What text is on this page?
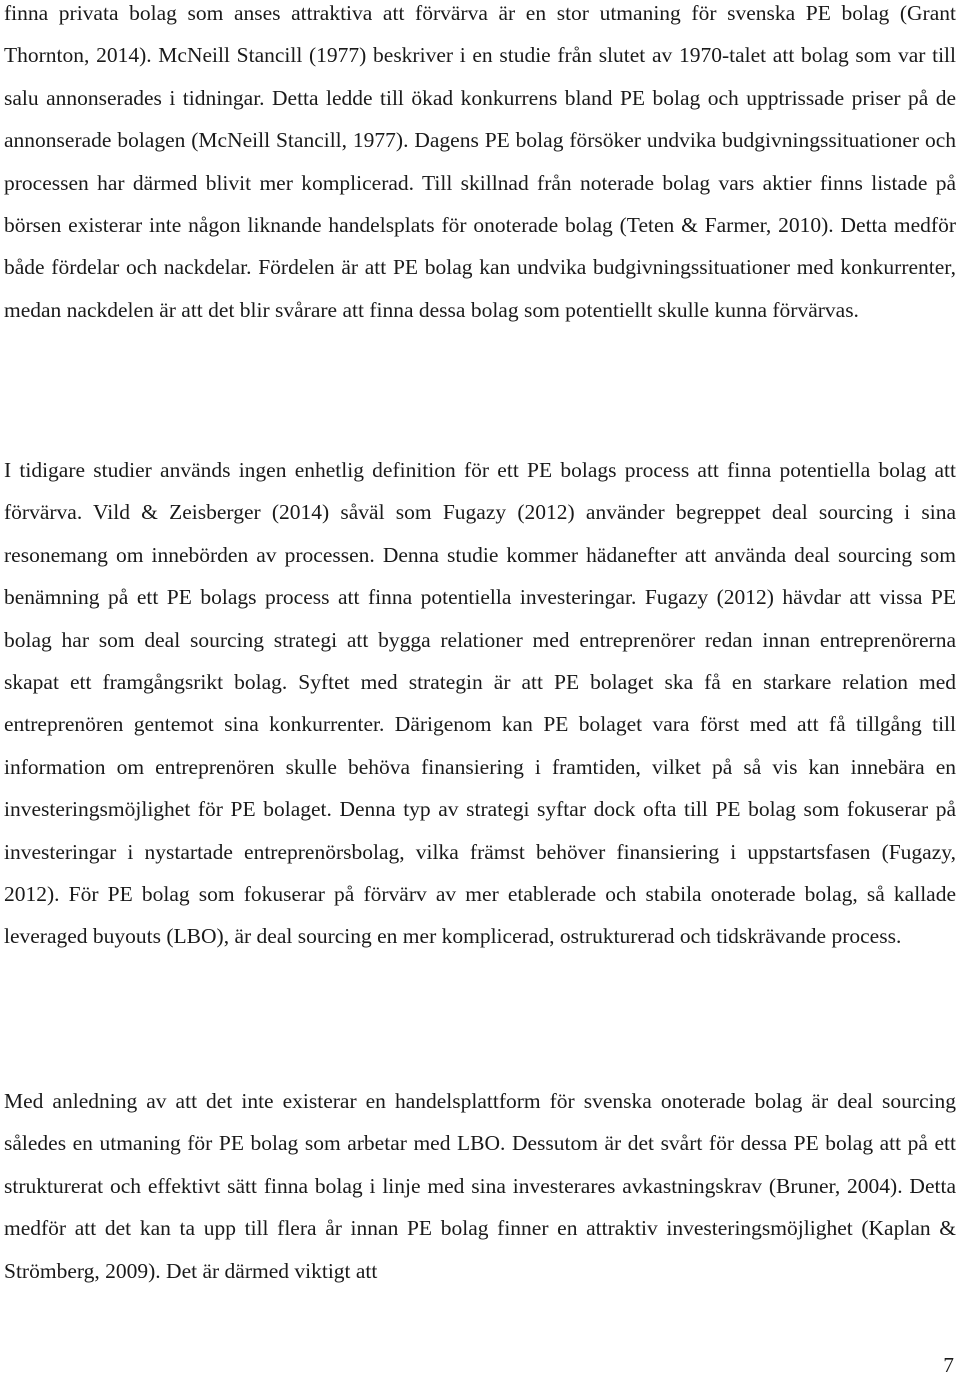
finna privata bolag som anses attraktiva att förvärva är en stor utmaning för svenska PE bolag (Grant Thornton, 2014). McNeill Stancill (1977) beskriver i en studie från slutet av 1970-talet att bolag som var till salu annonserades i tidningar. Detta ledde till ökad konkurrens bland PE bolag och upptrissade priser på de annonserade bolagen (McNeill Stancill, 1977). Dagens PE bolag försöker undvika budgivningssituationer och processen har därmed blivit mer komplicerad. Till skillnad från noterade bolag vars aktier finns listade på börsen existerar inte någon liknande handelsplats för onoterade bolag (Teten & Farmer, 2010). Detta medför både fördelar och nackdelar. Fördelen är att PE bolag kan undvika budgivningssituationer med konkurrenter, medan nackdelen är att det blir svårare att finna dessa bolag som potentiellt skulle kunna förvärvas.

I tidigare studier används ingen enhetlig definition för ett PE bolags process att finna potentiella bolag att förvärva. Vild & Zeisberger (2014) såväl som Fugazy (2012) använder begreppet deal sourcing i sina resonemang om innebörden av processen. Denna studie kommer hädanefter att använda deal sourcing som benämning på ett PE bolags process att finna potentiella investeringar. Fugazy (2012) hävdar att vissa PE bolag har som deal sourcing strategi att bygga relationer med entreprenörer redan innan entreprenörerna skapat ett framgångsrikt bolag. Syftet med strategin är att PE bolaget ska få en starkare relation med entreprenören gentemot sina konkurrenter. Därigenom kan PE bolaget vara först med att få tillgång till information om entreprenören skulle behöva finansiering i framtiden, vilket på så vis kan innebära en investeringsmöjlighet för PE bolaget. Denna typ av strategi syftar dock ofta till PE bolag som fokuserar på investeringar i nystartade entreprenörsbolag, vilka främst behöver finansiering i uppstartsfasen (Fugazy, 2012). För PE bolag som fokuserar på förvärv av mer etablerade och stabila onoterade bolag, så kallade leveraged buyouts (LBO), är deal sourcing en mer komplicerad, ostrukturerad och tidskrävande process.

Med anledning av att det inte existerar en handelsplattform för svenska onoterade bolag är deal sourcing således en utmaning för PE bolag som arbetar med LBO. Dessutom är det svårt för dessa PE bolag att på ett strukturerat och effektivt sätt finna bolag i linje med sina investerares avkastningskrav (Bruner, 2004). Detta medför att det kan ta upp till flera år innan PE bolag finner en attraktiv investeringsmöjlighet (Kaplan & Strömberg, 2009). Det är därmed viktigt att

7
